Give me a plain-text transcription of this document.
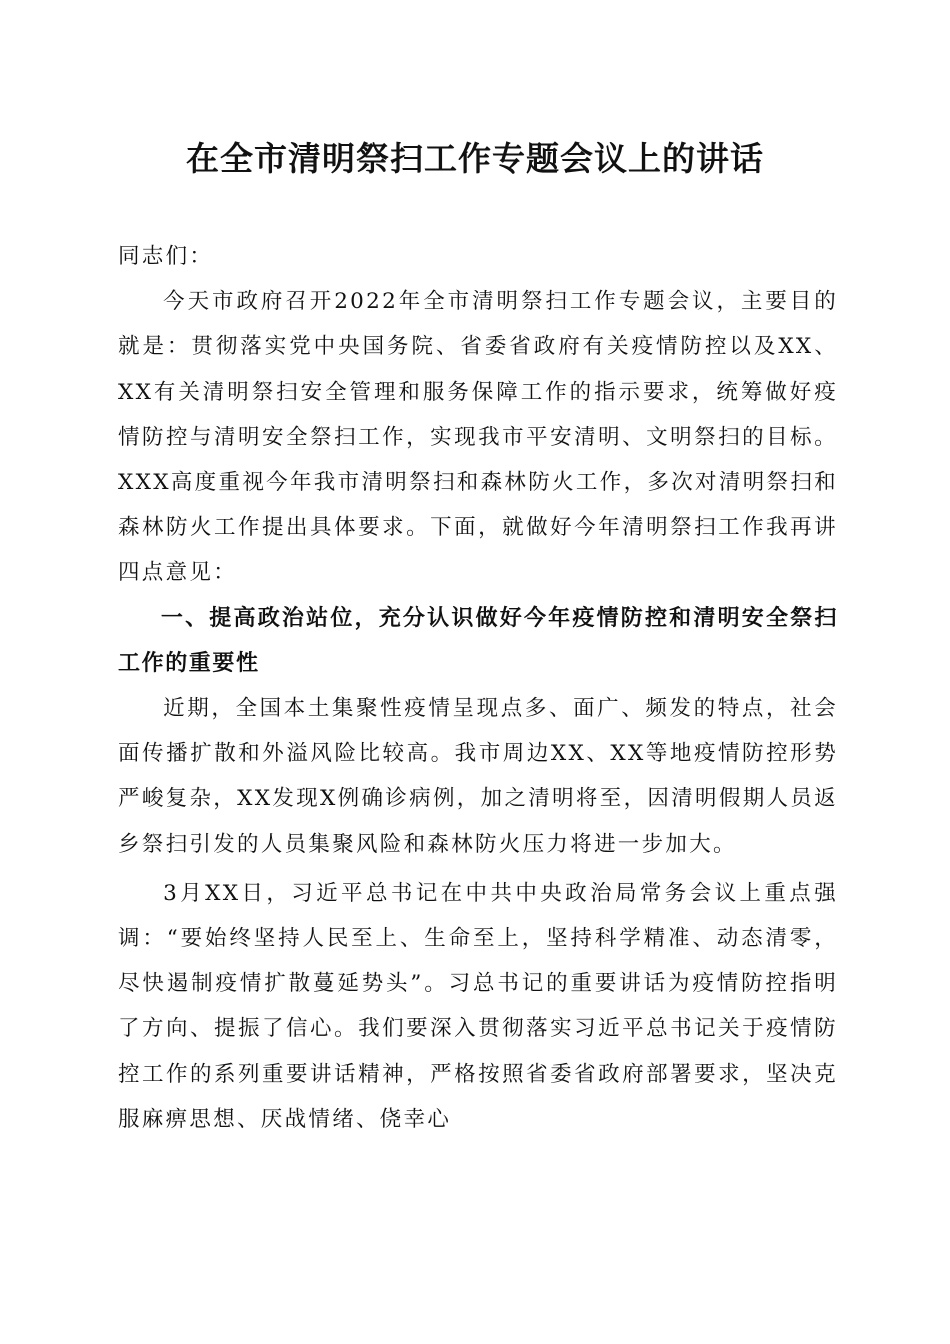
在全市清明祭扫工作专题会议上的讲话

同志们：

今天市政府召开2022年全市清明祭扫工作专题会议，主要目的就是：贯彻落实党中央国务院、省委省政府有关疫情防控以及XX、XX有关清明祭扫安全管理和服务保障工作的指示要求，统筹做好疫情防控与清明安全祭扫工作，实现我市平安清明、文明祭扫的目标。XXX高度重视今年我市清明祭扫和森林防火工作，多次对清明祭扫和森林防火工作提出具体要求。下面，就做好今年清明祭扫工作我再讲四点意见：

一、提高政治站位，充分认识做好今年疫情防控和清明安全祭扫工作的重要性

近期，全国本土集聚性疫情呈现点多、面广、频发的特点，社会面传播扩散和外溢风险比较高。我市周边XX、XX等地疫情防控形势严峻复杂，XX发现X例确诊病例，加之清明将至，因清明假期人员返乡祭扫引发的人员集聚风险和森林防火压力将进一步加大。

3月XX日，习近平总书记在中共中央政治局常务会议上重点强调：“要始终坚持人民至上、生命至上，坚持科学精准、动态清零，尽快遏制疫情扩散蔓延势头”。习总书记的重要讲话为疫情防控指明了方向、提振了信心。我们要深入贯彻落实习近平总书记关于疫情防控工作的系列重要讲话精神，严格按照省委省政府部署要求，坚决克服麻痹思想、厌战情绪、侥幸心
